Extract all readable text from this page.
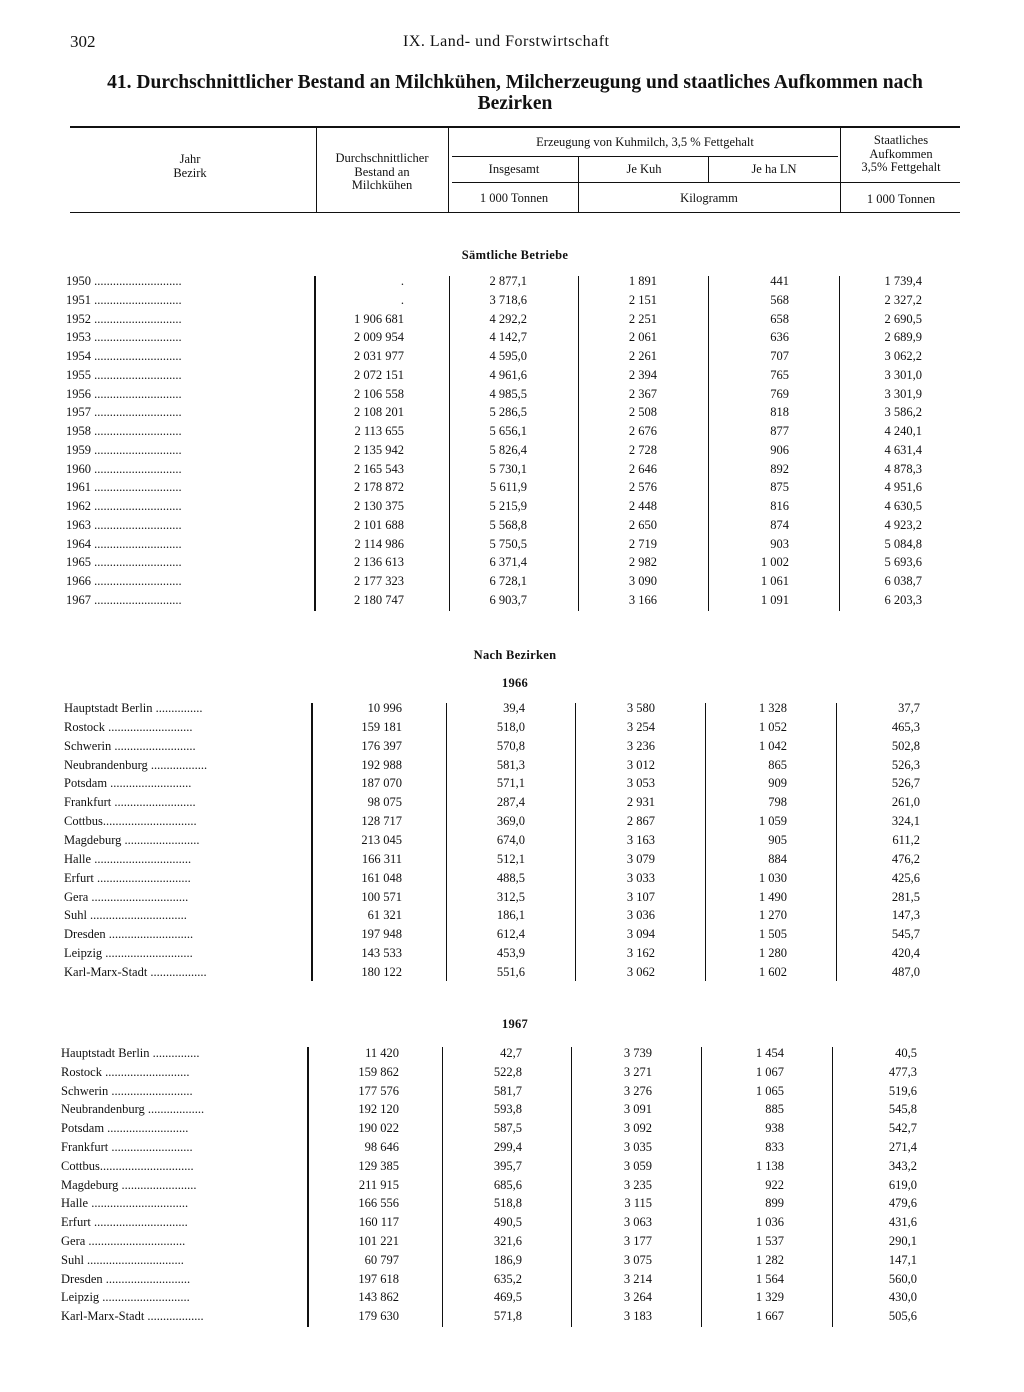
302	IX. Land- und Forstwirtschaft
41. Durchschnittlicher Bestand an Milchkühen, Milcherzeugung und staatliches Aufkommen nach Bezirken
Jahr
Bezirk
Durchschnittlicher
Bestand an
Milchkühen
Erzeugung von Kuhmilch, 3,5 % Fettgehalt
Insgesamt	Je Kuh	Je ha LN
Staatliches
Aufkommen
3,5% Fettgehalt
1 000 Tonnen	Kilogramm	1 000 Tonnen
Sämtliche Betriebe
Nach Bezirken
1966
1967
1950 ............................	.	2 877,1	1 891	441	1 739,4
1951 ............................	.	3 718,6	2 151	568	2 327,2
1952 ............................	1 906 681	4 292,2	2 251	658	2 690,5
1953 ............................	2 009 954	4 142,7	2 061	636	2 689,9
1954 ............................	2 031 977	4 595,0	2 261	707	3 062,2
1955 ............................	2 072 151	4 961,6	2 394	765	3 301,0
1956 ............................	2 106 558	4 985,5	2 367	769	3 301,9
1957 ............................	2 108 201	5 286,5	2 508	818	3 586,2
1958 ............................	2 113 655	5 656,1	2 676	877	4 240,1
1959 ............................	2 135 942	5 826,4	2 728	906	4 631,4
1960 ............................	2 165 543	5 730,1	2 646	892	4 878,3
1961 ............................	2 178 872	5 611,9	2 576	875	4 951,6
1962 ............................	2 130 375	5 215,9	2 448	816	4 630,5
1963 ............................	2 101 688	5 568,8	2 650	874	4 923,2
1964 ............................	2 114 986	5 750,5	2 719	903	5 084,8
1965 ............................	2 136 613	6 371,4	2 982	1 002	5 693,6
1966 ............................	2 177 323	6 728,1	3 090	1 061	6 038,7
1967 ............................	2 180 747	6 903,7	3 166	1 091	6 203,3
Hauptstadt Berlin ...............	10 996	39,4	3 580	1 328	37,7
Rostock ...........................	159 181	518,0	3 254	1 052	465,3
Schwerin ..........................	176 397	570,8	3 236	1 042	502,8
Neubrandenburg ..................	192 988	581,3	3 012	865	526,3
Potsdam ..........................	187 070	571,1	3 053	909	526,7
Frankfurt ..........................	98 075	287,4	2 931	798	261,0
Cottbus..............................	128 717	369,0	2 867	1 059	324,1
Magdeburg ........................	213 045	674,0	3 163	905	611,2
Halle ...............................	166 311	512,1	3 079	884	476,2
Erfurt ..............................	161 048	488,5	3 033	1 030	425,6
Gera ...............................	100 571	312,5	3 107	1 490	281,5
Suhl ...............................	61 321	186,1	3 036	1 270	147,3
Dresden ...........................	197 948	612,4	3 094	1 505	545,7
Leipzig ............................	143 533	453,9	3 162	1 280	420,4
Karl-Marx-Stadt ..................	180 122	551,6	3 062	1 602	487,0
Hauptstadt Berlin ...............	11 420	42,7	3 739	1 454	40,5
Rostock ...........................	159 862	522,8	3 271	1 067	477,3
Schwerin ..........................	177 576	581,7	3 276	1 065	519,6
Neubrandenburg ..................	192 120	593,8	3 091	885	545,8
Potsdam ..........................	190 022	587,5	3 092	938	542,7
Frankfurt ..........................	98 646	299,4	3 035	833	271,4
Cottbus..............................	129 385	395,7	3 059	1 138	343,2
Magdeburg ........................	211 915	685,6	3 235	922	619,0
Halle ...............................	166 556	518,8	3 115	899	479,6
Erfurt ..............................	160 117	490,5	3 063	1 036	431,6
Gera ...............................	101 221	321,6	3 177	1 537	290,1
Suhl ...............................	60 797	186,9	3 075	1 282	147,1
Dresden ...........................	197 618	635,2	3 214	1 564	560,0
Leipzig ............................	143 862	469,5	3 264	1 329	430,0
Karl-Marx-Stadt ..................	179 630	571,8	3 183	1 667	505,6
